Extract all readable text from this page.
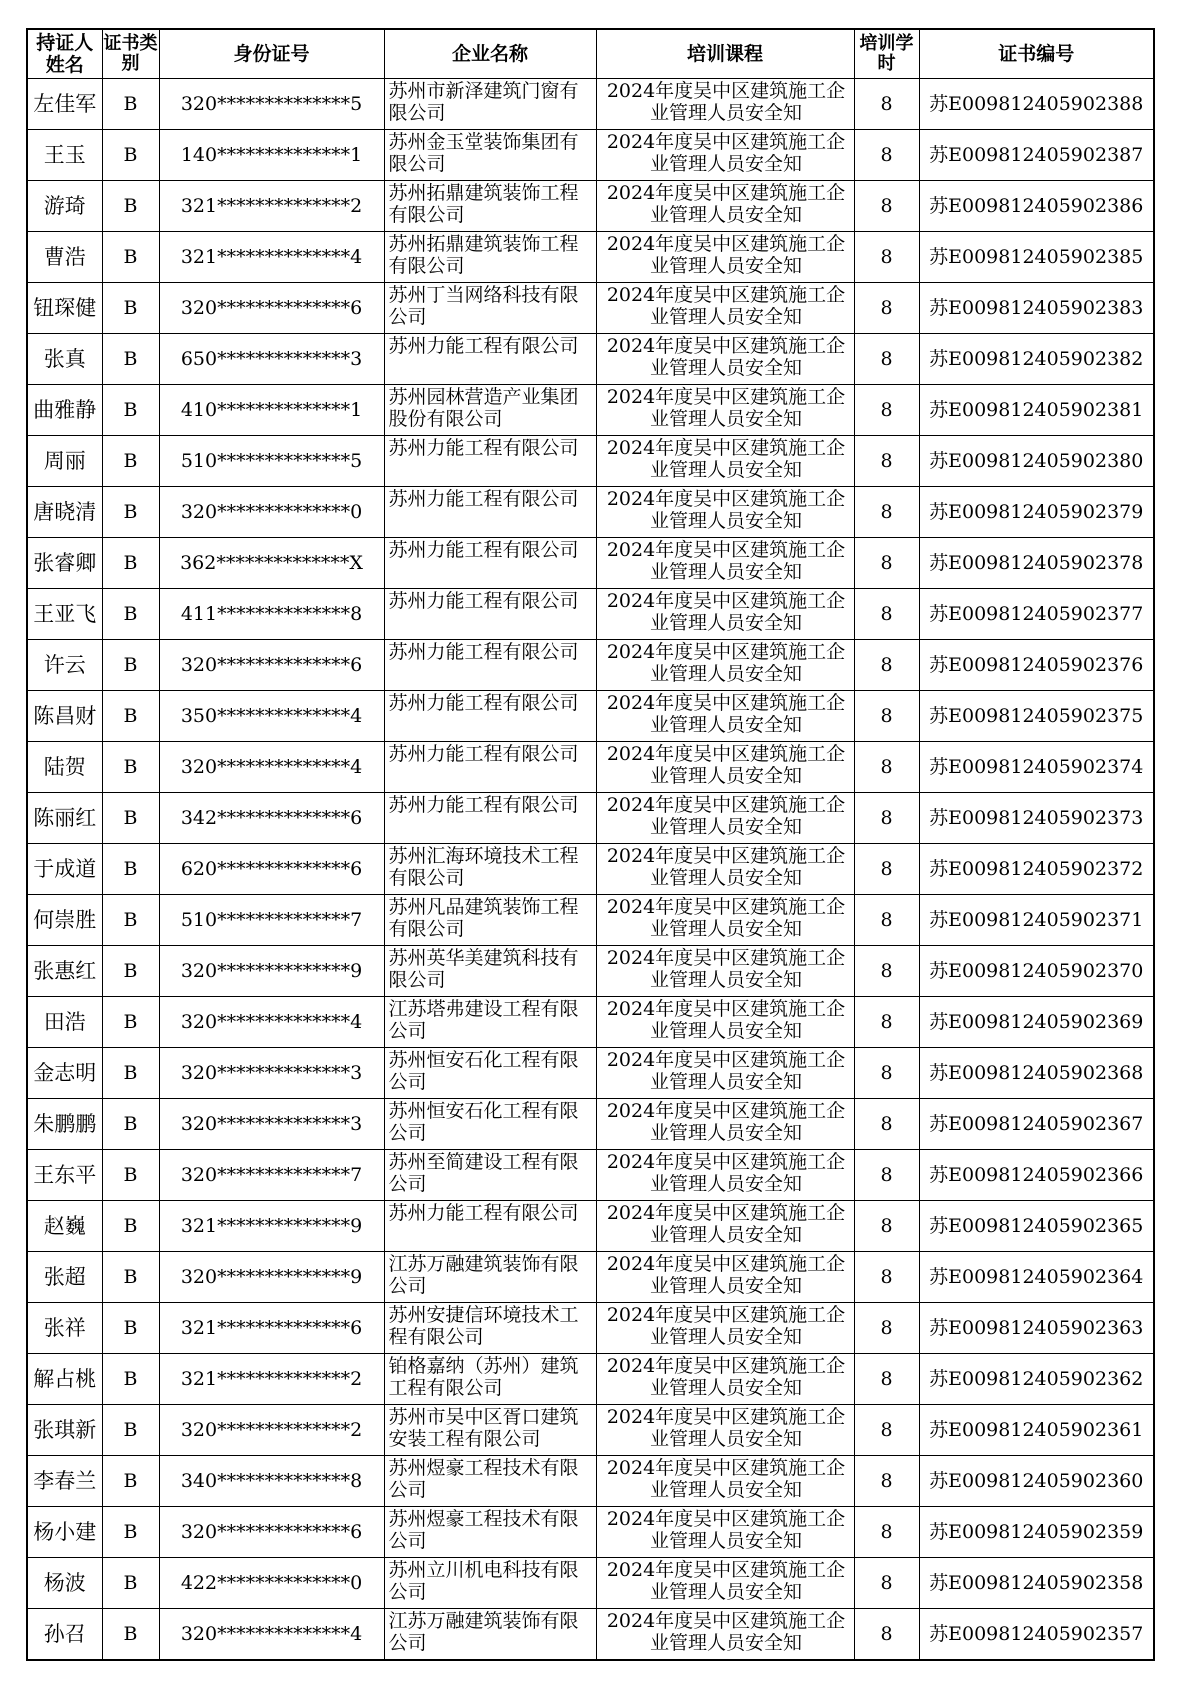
持证人姓名	证书类别	身份证号	企业名称	培训课程	培训学时	证书编号
左佳军	B	320**************5	苏州市新泽建筑门窗有限公司	2024年度吴中区建筑施工企业管理人员安全知	8	苏E009812405902388
王玉	B	140**************1	苏州金玉堂装饰集团有限公司	2024年度吴中区建筑施工企业管理人员安全知	8	苏E009812405902387
游琦	B	321**************2	苏州拓鼎建筑装饰工程有限公司	2024年度吴中区建筑施工企业管理人员安全知	8	苏E009812405902386
曹浩	B	321**************4	苏州拓鼎建筑装饰工程有限公司	2024年度吴中区建筑施工企业管理人员安全知	8	苏E009812405902385
钮琛健	B	320**************6	苏州丁当网络科技有限公司	2024年度吴中区建筑施工企业管理人员安全知	8	苏E009812405902383
张真	B	650**************3	苏州力能工程有限公司	2024年度吴中区建筑施工企业管理人员安全知	8	苏E009812405902382
曲雅静	B	410**************1	苏州园林营造产业集团股份有限公司	2024年度吴中区建筑施工企业管理人员安全知	8	苏E009812405902381
周丽	B	510**************5	苏州力能工程有限公司	2024年度吴中区建筑施工企业管理人员安全知	8	苏E009812405902380
唐晓清	B	320**************0	苏州力能工程有限公司	2024年度吴中区建筑施工企业管理人员安全知	8	苏E009812405902379
张睿卿	B	362**************X	苏州力能工程有限公司	2024年度吴中区建筑施工企业管理人员安全知	8	苏E009812405902378
王亚飞	B	411**************8	苏州力能工程有限公司	2024年度吴中区建筑施工企业管理人员安全知	8	苏E009812405902377
许云	B	320**************6	苏州力能工程有限公司	2024年度吴中区建筑施工企业管理人员安全知	8	苏E009812405902376
陈昌财	B	350**************4	苏州力能工程有限公司	2024年度吴中区建筑施工企业管理人员安全知	8	苏E009812405902375
陆贺	B	320**************4	苏州力能工程有限公司	2024年度吴中区建筑施工企业管理人员安全知	8	苏E009812405902374
陈丽红	B	342**************6	苏州力能工程有限公司	2024年度吴中区建筑施工企业管理人员安全知	8	苏E009812405902373
于成道	B	620**************6	苏州汇海环境技术工程有限公司	2024年度吴中区建筑施工企业管理人员安全知	8	苏E009812405902372
何崇胜	B	510**************7	苏州凡品建筑装饰工程有限公司	2024年度吴中区建筑施工企业管理人员安全知	8	苏E009812405902371
张惠红	B	320**************9	苏州英华美建筑科技有限公司	2024年度吴中区建筑施工企业管理人员安全知	8	苏E009812405902370
田浩	B	320**************4	江苏塔弗建设工程有限公司	2024年度吴中区建筑施工企业管理人员安全知	8	苏E009812405902369
金志明	B	320**************3	苏州恒安石化工程有限公司	2024年度吴中区建筑施工企业管理人员安全知	8	苏E009812405902368
朱鹏鹏	B	320**************3	苏州恒安石化工程有限公司	2024年度吴中区建筑施工企业管理人员安全知	8	苏E009812405902367
王东平	B	320**************7	苏州至简建设工程有限公司	2024年度吴中区建筑施工企业管理人员安全知	8	苏E009812405902366
赵巍	B	321**************9	苏州力能工程有限公司	2024年度吴中区建筑施工企业管理人员安全知	8	苏E009812405902365
张超	B	320**************9	江苏万融建筑装饰有限公司	2024年度吴中区建筑施工企业管理人员安全知	8	苏E009812405902364
张祥	B	321**************6	苏州安捷信环境技术工程有限公司	2024年度吴中区建筑施工企业管理人员安全知	8	苏E009812405902363
解占桃	B	321**************2	铂格嘉纳（苏州）建筑工程有限公司	2024年度吴中区建筑施工企业管理人员安全知	8	苏E009812405902362
张琪新	B	320**************2	苏州市吴中区胥口建筑安装工程有限公司	2024年度吴中区建筑施工企业管理人员安全知	8	苏E009812405902361
李春兰	B	340**************8	苏州煜豪工程技术有限公司	2024年度吴中区建筑施工企业管理人员安全知	8	苏E009812405902360
杨小建	B	320**************6	苏州煜豪工程技术有限公司	2024年度吴中区建筑施工企业管理人员安全知	8	苏E009812405902359
杨波	B	422**************0	苏州立川机电科技有限公司	2024年度吴中区建筑施工企业管理人员安全知	8	苏E009812405902358
孙召	B	320**************4	江苏万融建筑装饰有限公司	2024年度吴中区建筑施工企业管理人员安全知	8	苏E009812405902357
